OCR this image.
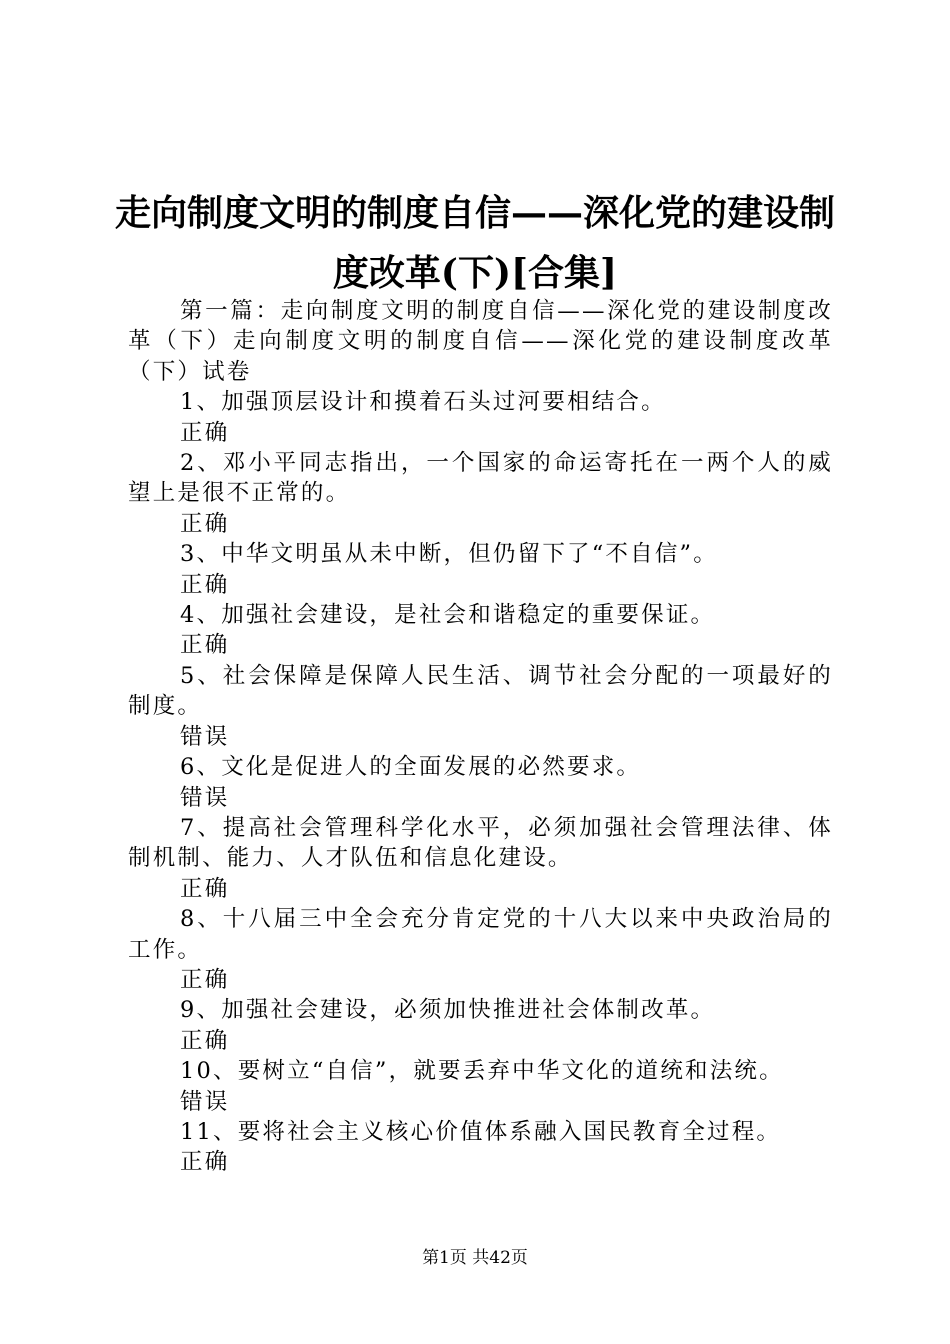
走向制度文明的制度自信——深化党的建设制
度改革(下)[合集]

第一篇：走向制度文明的制度自信——深化党的建设制度改革（下）走向制度文明的制度自信——深化党的建设制度改革（下）试卷

1、加强顶层设计和摸着石头过河要相结合。

正确

2、邓小平同志指出，一个国家的命运寄托在一两个人的威望上是很不正常的。

正确

3、中华文明虽从未中断，但仍留下了“不自信”。

正确

4、加强社会建设，是社会和谐稳定的重要保证。

正确

5、社会保障是保障人民生活、调节社会分配的一项最好的制度。

错误

6、文化是促进人的全面发展的必然要求。

错误

7、提高社会管理科学化水平，必须加强社会管理法律、体制机制、能力、人才队伍和信息化建设。

正确

8、十八届三中全会充分肯定党的十八大以来中央政治局的工作。

正确

9、加强社会建设，必须加快推进社会体制改革。

正确

10、要树立“自信”，就要丢弃中华文化的道统和法统。

错误

11、要将社会主义核心价值体系融入国民教育全过程。

正确

第1页 共42页
